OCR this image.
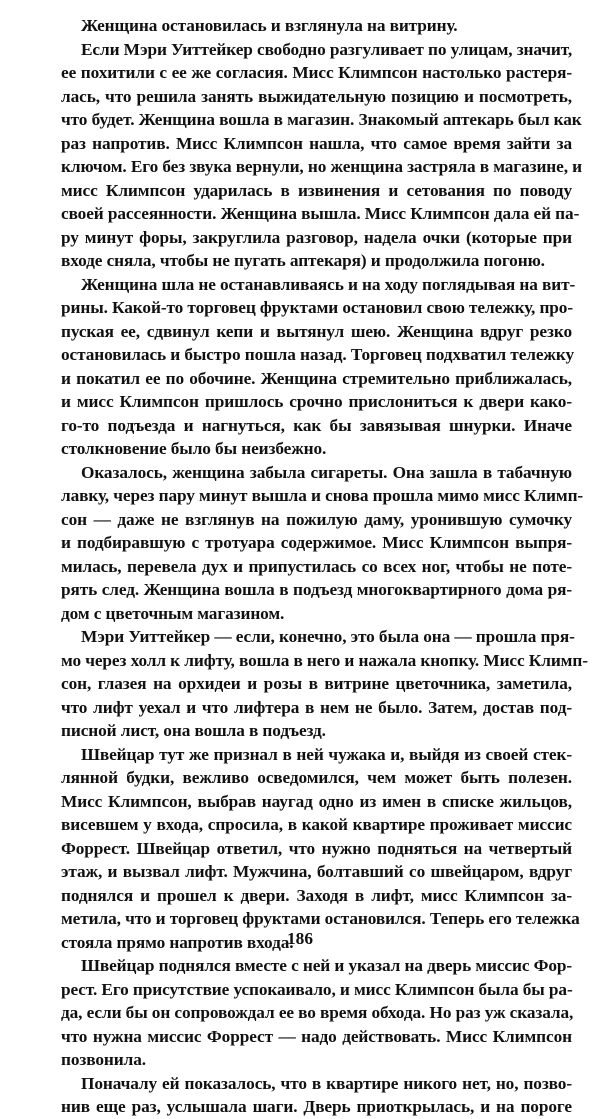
Женщина остановилась и взглянула на витрину.
Если Мэри Уиттейкер свободно разгуливает по улицам, значит,
ее похитили с ее же согласия. Мисс Климпсон настолько растеря-
лась, что решила занять выжидательную позицию и посмотреть,
что будет. Женщина вошла в магазин. Знакомый аптекарь был как
раз напротив. Мисс Климпсон нашла, что самое время зайти за
ключом. Его без звука вернули, но женщина застряла в магазине, и
мисс Климпсон ударилась в извинения и сетования по поводу
своей рассеянности. Женщина вышла. Мисс Климпсон дала ей па-
ру минут форы, закруглила разговор, надела очки (которые при
входе сняла, чтобы не пугать аптекаря) и продолжила погоню.
Женщина шла не останавливаясь и на ходу поглядывая на вит-
рины. Какой-то торговец фруктами остановил свою тележку, про-
пуская ее, сдвинул кепи и вытянул шею. Женщина вдруг резко
остановилась и быстро пошла назад. Торговец подхватил тележку
и покатил ее по обочине. Женщина стремительно приближалась,
и мисс Климпсон пришлось срочно прислониться к двери како-
го-то подъезда и нагнуться, как бы завязывая шнурки. Иначе
столкновение было бы неизбежно.
Оказалось, женщина забыла сигареты. Она зашла в табачную
лавку, через пару минут вышла и снова прошла мимо мисс Климп-
сон — даже не взглянув на пожилую даму, уронившую сумочку
и подбиравшую с тротуара содержимое. Мисс Климпсон выпря-
милась, перевела дух и припустилась со всех ног, чтобы не поте-
рять след. Женщина вошла в подъезд многоквартирного дома ря-
дом с цветочным магазином.
Мэри Уиттейкер — если, конечно, это была она — прошла пря-
мо через холл к лифту, вошла в него и нажала кнопку. Мисс Климп-
сон, глазея на орхидеи и розы в витрине цветочника, заметила,
что лифт уехал и что лифтера в нем не было. Затем, достав под-
писной лист, она вошла в подъезд.
Швейцар тут же признал в ней чужака и, выйдя из своей стек-
лянной будки, вежливо осведомился, чем может быть полезен.
Мисс Климпсон, выбрав наугад одно из имен в списке жильцов,
висевшем у входа, спросила, в какой квартире проживает миссис
Форрест. Швейцар ответил, что нужно подняться на четвертый
этаж, и вызвал лифт. Мужчина, болтавший со швейцаром, вдруг
поднялся и прошел к двери. Заходя в лифт, мисс Климпсон за-
метила, что и торговец фруктами остановился. Теперь его тележка
стояла прямо напротив входа.
Швейцар поднялся вместе с ней и указал на дверь миссис Фор-
рест. Его присутствие успокаивало, и мисс Климпсон была бы ра-
да, если бы он сопровождал ее во время обхода. Но раз уж сказала,
что нужна миссис Форрест — надо действовать. Мисс Климпсон
позвонила.
Поначалу ей показалось, что в квартире никого нет, но, позво-
нив еще раз, услышала шаги. Дверь приоткрылась, и на пороге
186
